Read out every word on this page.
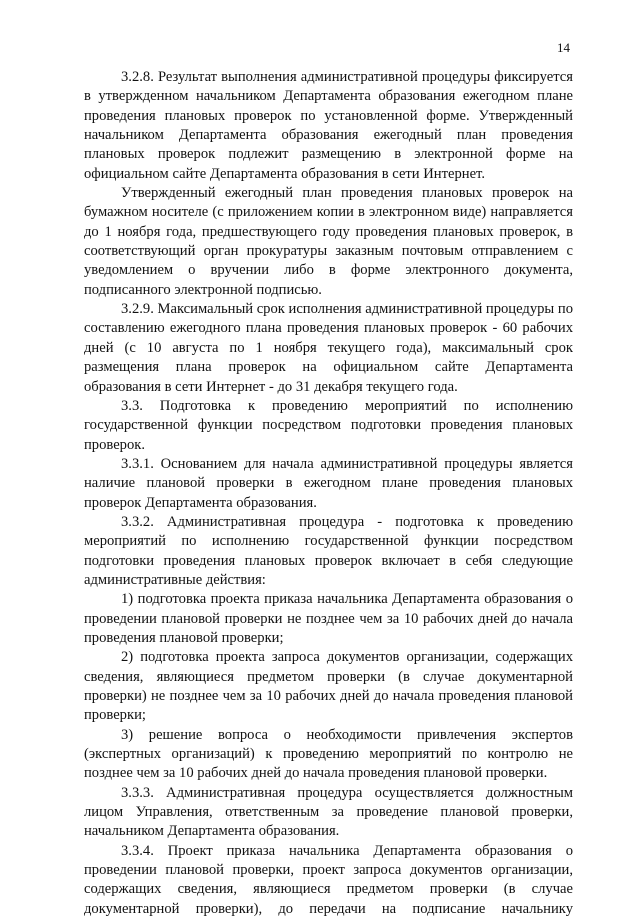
14

3.2.8. Результат выполнения административной процедуры фиксируется в утвержденном начальником Департамента образования ежегодном плане проведения плановых проверок по установленной форме. Утвержденный начальником Департамента образования ежегодный план проведения плановых проверок подлежит размещению в электронной форме на официальном сайте Департамента образования в сети Интернет.

Утвержденный ежегодный план проведения плановых проверок на бумажном носителе (с приложением копии в электронном виде) направляется до 1 ноября года, предшествующего году проведения плановых проверок, в соответствующий орган прокуратуры заказным почтовым отправлением с уведомлением о вручении либо в форме электронного документа, подписанного электронной подписью.

3.2.9. Максимальный срок исполнения административной процедуры по составлению ежегодного плана проведения плановых проверок - 60 рабочих дней (с 10 августа по 1 ноября текущего года), максимальный срок размещения плана проверок на официальном сайте Департамента образования в сети Интернет - до 31 декабря текущего года.

3.3. Подготовка к проведению мероприятий по исполнению государственной функции посредством подготовки проведения плановых проверок.

3.3.1. Основанием для начала административной процедуры является наличие плановой проверки в ежегодном плане проведения плановых проверок Департамента образования.

3.3.2. Административная процедура - подготовка к проведению мероприятий по исполнению государственной функции посредством подготовки проведения плановых проверок включает в себя следующие административные действия:

1) подготовка проекта приказа начальника Департамента образования о проведении плановой проверки не позднее чем за 10 рабочих дней до начала проведения плановой проверки;

2) подготовка проекта запроса документов организации, содержащих сведения, являющиеся предметом проверки (в случае документарной проверки) не позднее чем за 10 рабочих дней до начала проведения плановой проверки;

3) решение вопроса о необходимости привлечения экспертов (экспертных организаций) к проведению мероприятий по контролю не позднее чем за 10 рабочих дней до начала проведения плановой проверки.

3.3.3. Административная процедура осуществляется должностным лицом Управления, ответственным за проведение плановой проверки, начальником Департамента образования.

3.3.4. Проект приказа начальника Департамента образования о проведении плановой проверки, проект запроса документов организации, содержащих сведения, являющиеся предметом проверки (в случае документарной проверки), до передачи на подписание начальнику
